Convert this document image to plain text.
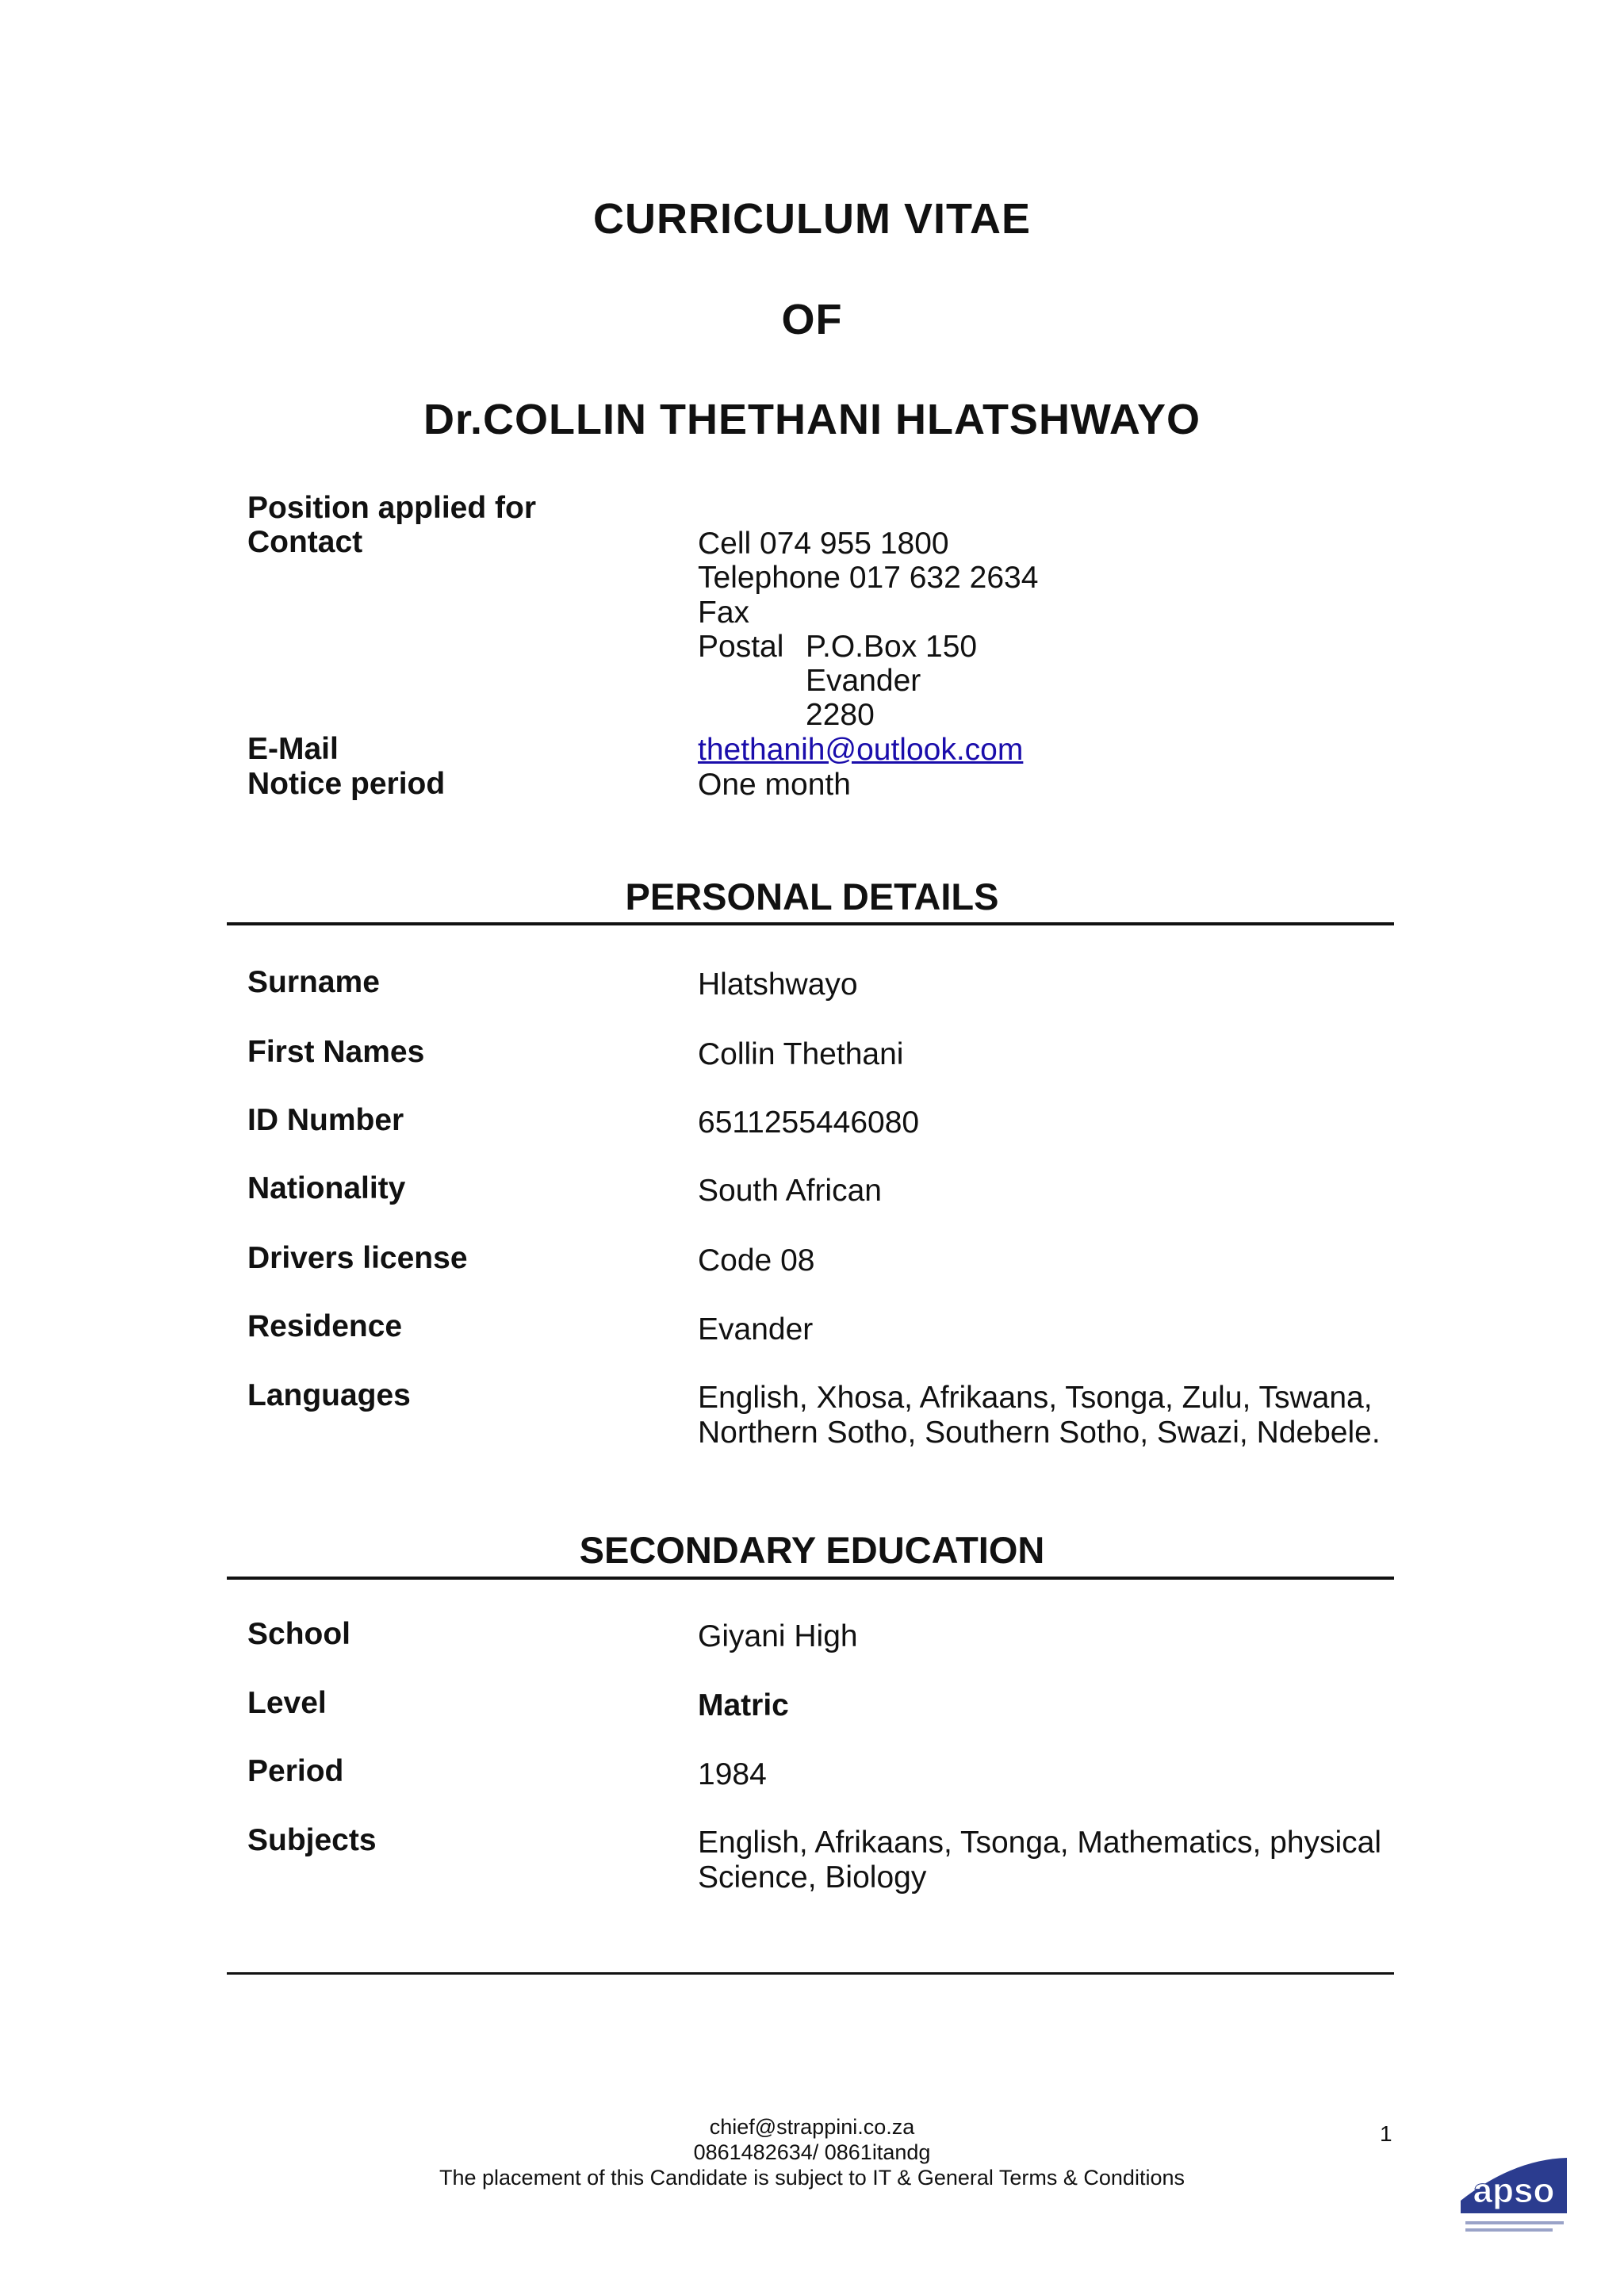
CURRICULUM VITAE
OF
Dr.COLLIN THETHANI HLATSHWAYO

Position applied for

Contact	Cell 074 955 1800

Telephone 017 632 2634

Fax

Postal P.O.Box 150

Evander

2280

E-Mail	thethanih@outlook.com

Notice period	One month

PERSONAL DETAILS

Surname	Hlatshwayo

First Names	Collin Thethani

ID Number	6511255446080

Nationality	South African

Drivers license	Code 08

Residence	Evander

Languages	English, Xhosa, Afrikaans, Tsonga, Zulu, Tswana,

Northern Sotho, Southern Sotho, Swazi, Ndebele.

SECONDARY EDUCATION

School	Giyani High

Level	Matric

Period	1984

Subjects	English, Afrikaans, Tsonga, Mathematics, physical

Science, Biology

chief@strappini.co.za

0861482634/ 0861itandg

The placement of this Candidate is subject to IT & General Terms & Conditions

1
apso
